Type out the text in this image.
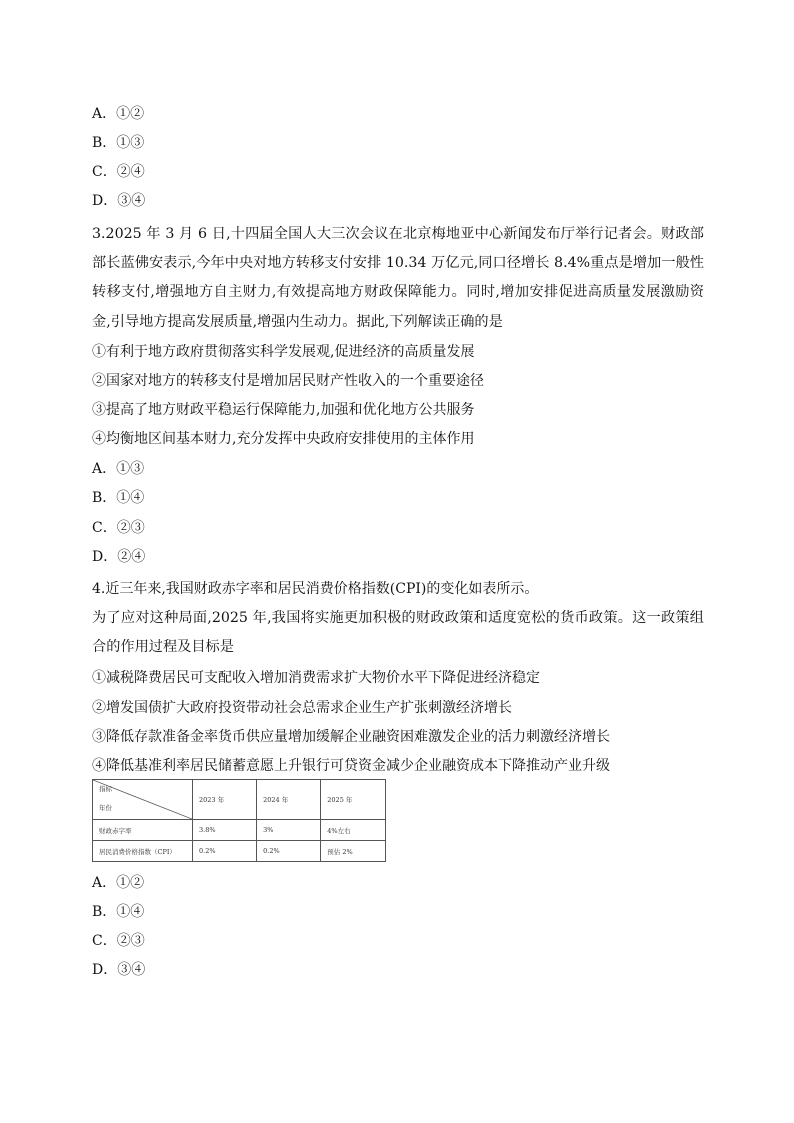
A．①②
B．①③
C．②④
D．③④
3.2025 年 3 月 6 日,十四届全国人大三次会议在北京梅地亚中心新闻发布厅举行记者会。财政部部长蓝佛安表示,今年中央对地方转移支付安排 10.34 万亿元,同口径增长 8.4%重点是增加一般性转移支付,增强地方自主财力,有效提高地方财政保障能力。同时,增加安排促进高质量发展激励资金,引导地方提高发展质量,增强内生动力。据此,下列解读正确的是
①有利于地方政府贯彻落实科学发展观,促进经济的高质量发展
②国家对地方的转移支付是增加居民财产性收入的一个重要途径
③提高了地方财政平稳运行保障能力,加强和优化地方公共服务
④均衡地区间基本财力,充分发挥中央政府安排使用的主体作用
A．①③
B．①④
C．②③
D．②④
4.近三年来,我国财政赤字率和居民消费价格指数(CPI)的变化如表所示。
为了应对这种局面,2025 年,我国将实施更加积极的财政政策和适度宽松的货币政策。这一政策组合的作用过程及目标是
①减税降费居民可支配收入增加消费需求扩大物价水平下降促进经济稳定
②增发国债扩大政府投资带动社会总需求企业生产扩张刺激经济增长
③降低存款准备金率货币供应量增加缓解企业融资困难激发企业的活力刺激经济增长
④降低基准利率居民储蓄意愿上升银行可贷资金减少企业融资成本下降推动产业升级
指标
年份	2023 年	2024 年	2025 年
财政赤字率	3.8%	3%	4%左右
居民消费价格指数（CPI）	0.2%	0.2%	预估 2%
A．①②
B．①④
C．②③
D．③④
